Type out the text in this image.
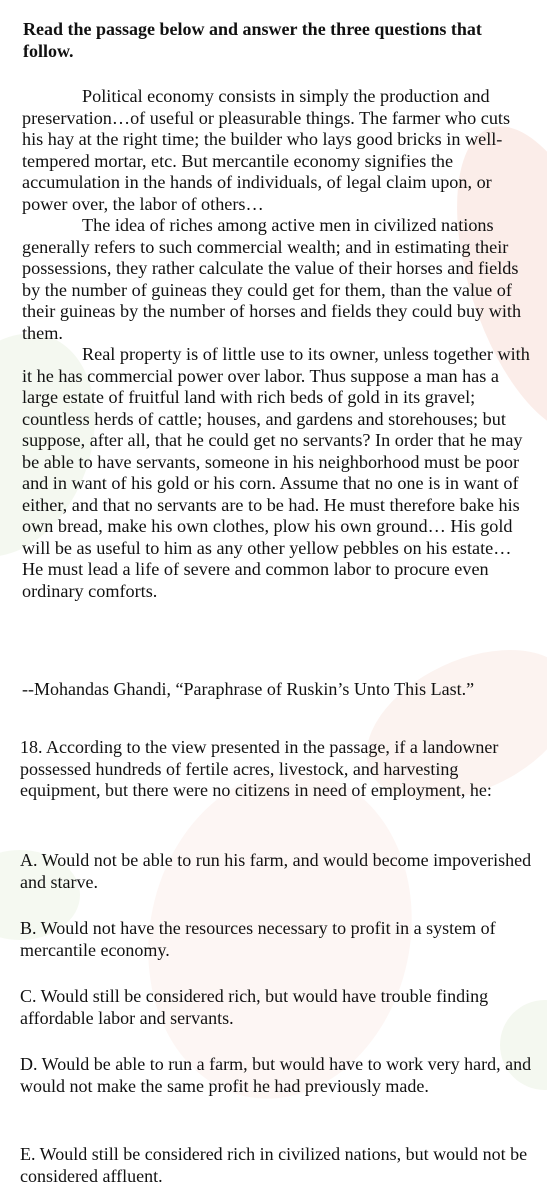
Read the passage below and answer the three questions that follow.

Political economy consists in simply the production and preservation…of useful or pleasurable things. The farmer who cuts his hay at the right time; the builder who lays good bricks in well-tempered mortar, etc. But mercantile economy signifies the accumulation in the hands of individuals, of legal claim upon, or power over, the labor of others…

The idea of riches among active men in civilized nations generally refers to such commercial wealth; and in estimating their possessions, they rather calculate the value of their horses and fields by the number of guineas they could get for them, than the value of their guineas by the number of horses and fields they could buy with them.

Real property is of little use to its owner, unless together with it he has commercial power over labor. Thus suppose a man has a large estate of fruitful land with rich beds of gold in its gravel; countless herds of cattle; houses, and gardens and storehouses; but suppose, after all, that he could get no servants? In order that he may be able to have servants, someone in his neighborhood must be poor and in want of his gold or his corn. Assume that no one is in want of either, and that no servants are to be had. He must therefore bake his own bread, make his own clothes, plow his own ground… His gold will be as useful to him as any other yellow pebbles on his estate… He must lead a life of severe and common labor to procure even ordinary comforts.

--Mohandas Ghandi, “Paraphrase of Ruskin’s Unto This Last.”

18. According to the view presented in the passage, if a landowner possessed hundreds of fertile acres, livestock, and harvesting equipment, but there were no citizens in need of employment, he:

A. Would not be able to run his farm, and would become impoverished and starve.

B. Would not have the resources necessary to profit in a system of mercantile economy.

C. Would still be considered rich, but would have trouble finding affordable labor and servants.

D. Would be able to run a farm, but would have to work very hard, and would not make the same profit he had previously made.

E. Would still be considered rich in civilized nations, but would not be considered affluent.
